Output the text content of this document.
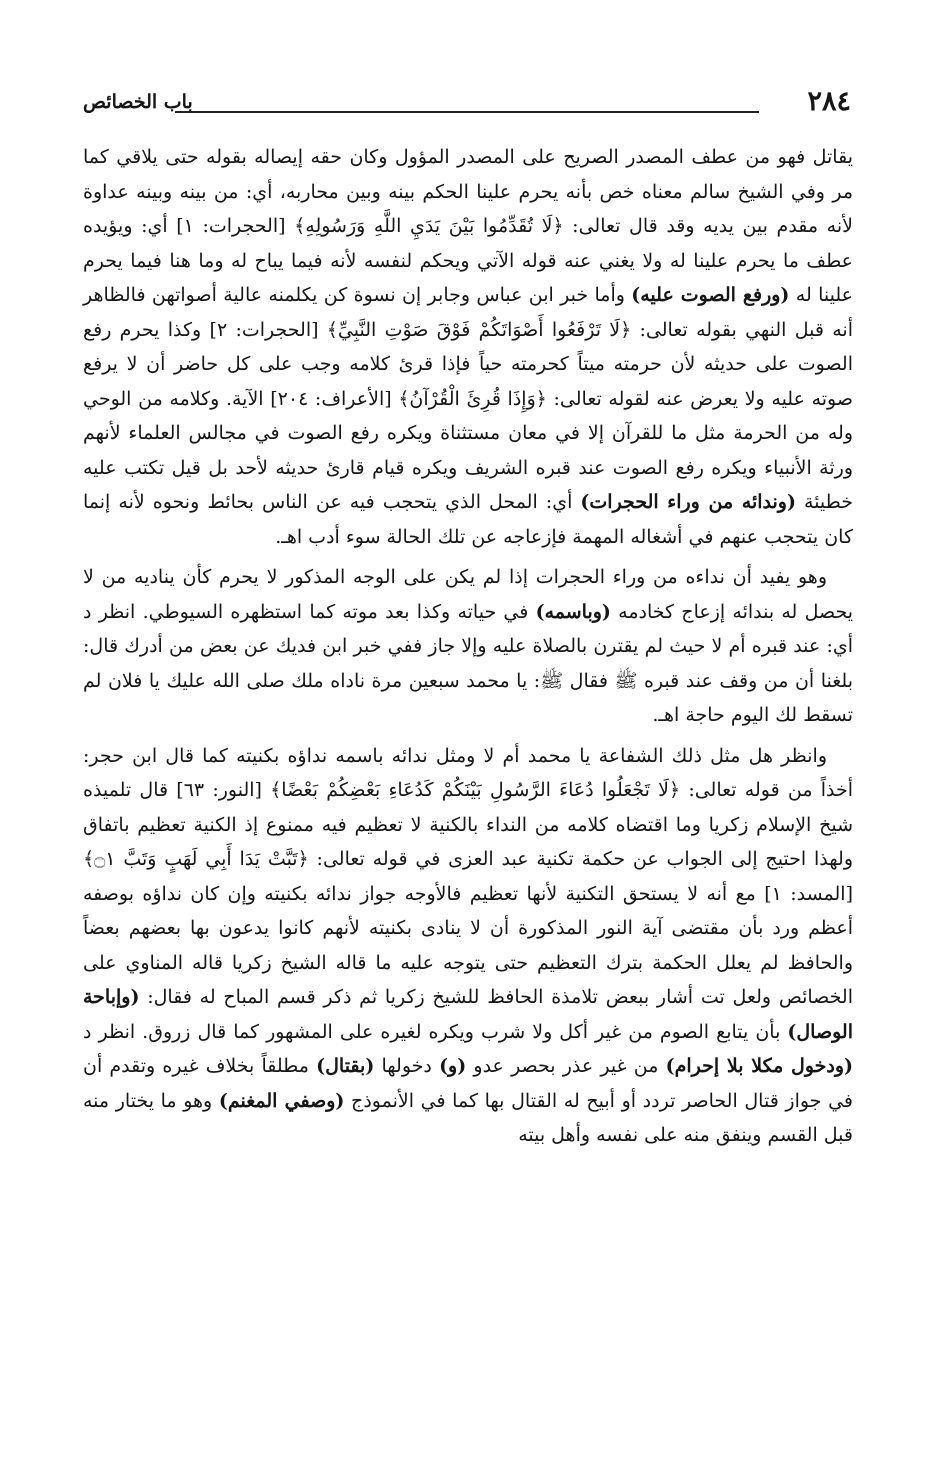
٢٨٤
باب الخصائص

يقاتل فهو من عطف المصدر الصريح على المصدر المؤول وكان حقه إيصاله بقوله حتى يلاقي كما مر وفي الشيخ سالم معناه خص بأنه يحرم علينا الحكم بينه وبين محاربه، أي: من بينه وبينه عداوة لأنه مقدم بين يديه وقد قال تعالى: ﴿لَا تُقَدِّمُوا بَيْنَ يَدَيِ اللَّهِ وَرَسُولِهِ﴾ [الحجرات: ١] أي: ويؤيده عطف ما يحرم علينا له ولا يغني عنه قوله الآتي ويحكم لنفسه لأنه فيما يباح له وما هنا فيما يحرم علينا له (ورفع الصوت عليه) وأما خبر ابن عباس وجابر إن نسوة كن يكلمنه عالية أصواتهن فالظاهر أنه قبل النهي بقوله تعالى: ﴿لَا تَرْفَعُوا أَصْوَاتَكُمْ فَوْقَ صَوْتِ النَّبِيِّ﴾ [الحجرات: ٢] وكذا يحرم رفع الصوت على حديثه لأن حرمته ميتاً كحرمته حياً فإذا قرئ كلامه وجب على كل حاضر أن لا يرفع صوته عليه ولا يعرض عنه لقوله تعالى: ﴿وَإِذَا قُرِئَ الْقُرْآنُ﴾ [الأعراف: ٢٠٤] الآية. وكلامه من الوحي وله من الحرمة مثل ما للقرآن إلا في معان مستثناة ويكره رفع الصوت في مجالس العلماء لأنهم ورثة الأنبياء ويكره رفع الصوت عند قبره الشريف ويكره قيام قارئ حديثه لأحد بل قيل تكتب عليه خطيئة (وندائه من وراء الحجرات) أي: المحل الذي يتحجب فيه عن الناس بحائط ونحوه لأنه إنما كان يتحجب عنهم في أشغاله المهمة فإزعاجه عن تلك الحالة سوء أدب اهـ.

وهو يفيد أن نداءه من وراء الحجرات إذا لم يكن على الوجه المذكور لا يحرم كأن يناديه من لا يحصل له بندائه إزعاج كخادمه (وباسمه) في حياته وكذا بعد موته كما استظهره السيوطي. انظر د أي: عند قبره أم لا حيث لم يقترن بالصلاة عليه وإلا جاز ففي خبر ابن فديك عن بعض من أدرك قال: بلغنا أن من وقف عند قبره ﷺ فقال ﷺ: يا محمد سبعين مرة ناداه ملك صلى الله عليك يا فلان لم تسقط لك اليوم حاجة اهـ.

وانظر هل مثل ذلك الشفاعة يا محمد أم لا ومثل ندائه باسمه نداؤه بكنيته كما قال ابن حجر: أخذاً من قوله تعالى: ﴿لَا تَجْعَلُوا دُعَاءَ الرَّسُولِ بَيْنَكُمْ كَدُعَاءِ بَعْضِكُمْ بَعْضًا﴾ [النور: ٦٣] قال تلميذه شيخ الإسلام زكريا وما اقتضاه كلامه من النداء بالكنية لا تعظيم فيه ممنوع إذ الكنية تعظيم باتفاق ولهذا احتيج إلى الجواب عن حكمة تكنية عبد العزى في قوله تعالى: ﴿تَبَّتْ يَدَا أَبِي لَهَبٍ وَتَبَّ ۝١﴾ [المسد: ١] مع أنه لا يستحق التكنية لأنها تعظيم فالأوجه جواز ندائه بكنيته وإن كان نداؤه بوصفه أعظم ورد بأن مقتضى آية النور المذكورة أن لا ينادى بكنيته لأنهم كانوا يدعون بها بعضهم بعضاً والحافظ لم يعلل الحكمة بترك التعظيم حتى يتوجه عليه ما قاله الشيخ زكريا قاله المناوي على الخصائص ولعل تت أشار ببعض تلامذة الحافظ للشيخ زكريا ثم ذكر قسم المباح له فقال: (وإباحة الوصال) بأن يتابع الصوم من غير أكل ولا شرب ويكره لغيره على المشهور كما قال زروق. انظر د (ودخول مكلا بلا إحرام) من غير عذر بحصر عدو (و) دخولها (بقتال) مطلقاً بخلاف غيره وتقدم أن في جواز قتال الحاصر تردد أو أبيح له القتال بها كما في الأنموذج (وصفي المغنم) وهو ما يختار منه قبل القسم وينفق منه على نفسه وأهل بيته
